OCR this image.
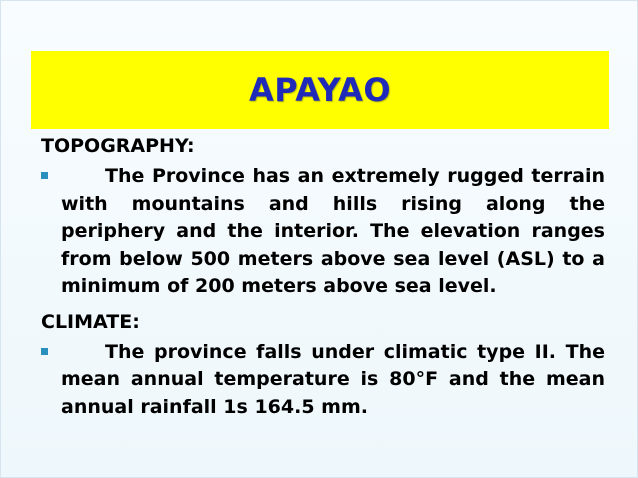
APAYAO
TOPOGRAPHY:
The Province has an extremely rugged terrain with mountains and hills rising along the periphery and the interior. The elevation ranges from below 500 meters above sea level (ASL) to a minimum of 200 meters above sea level.
CLIMATE:
The province falls under climatic type II. The mean annual temperature is 80°F and the mean annual rainfall 1s 164.5 mm.
